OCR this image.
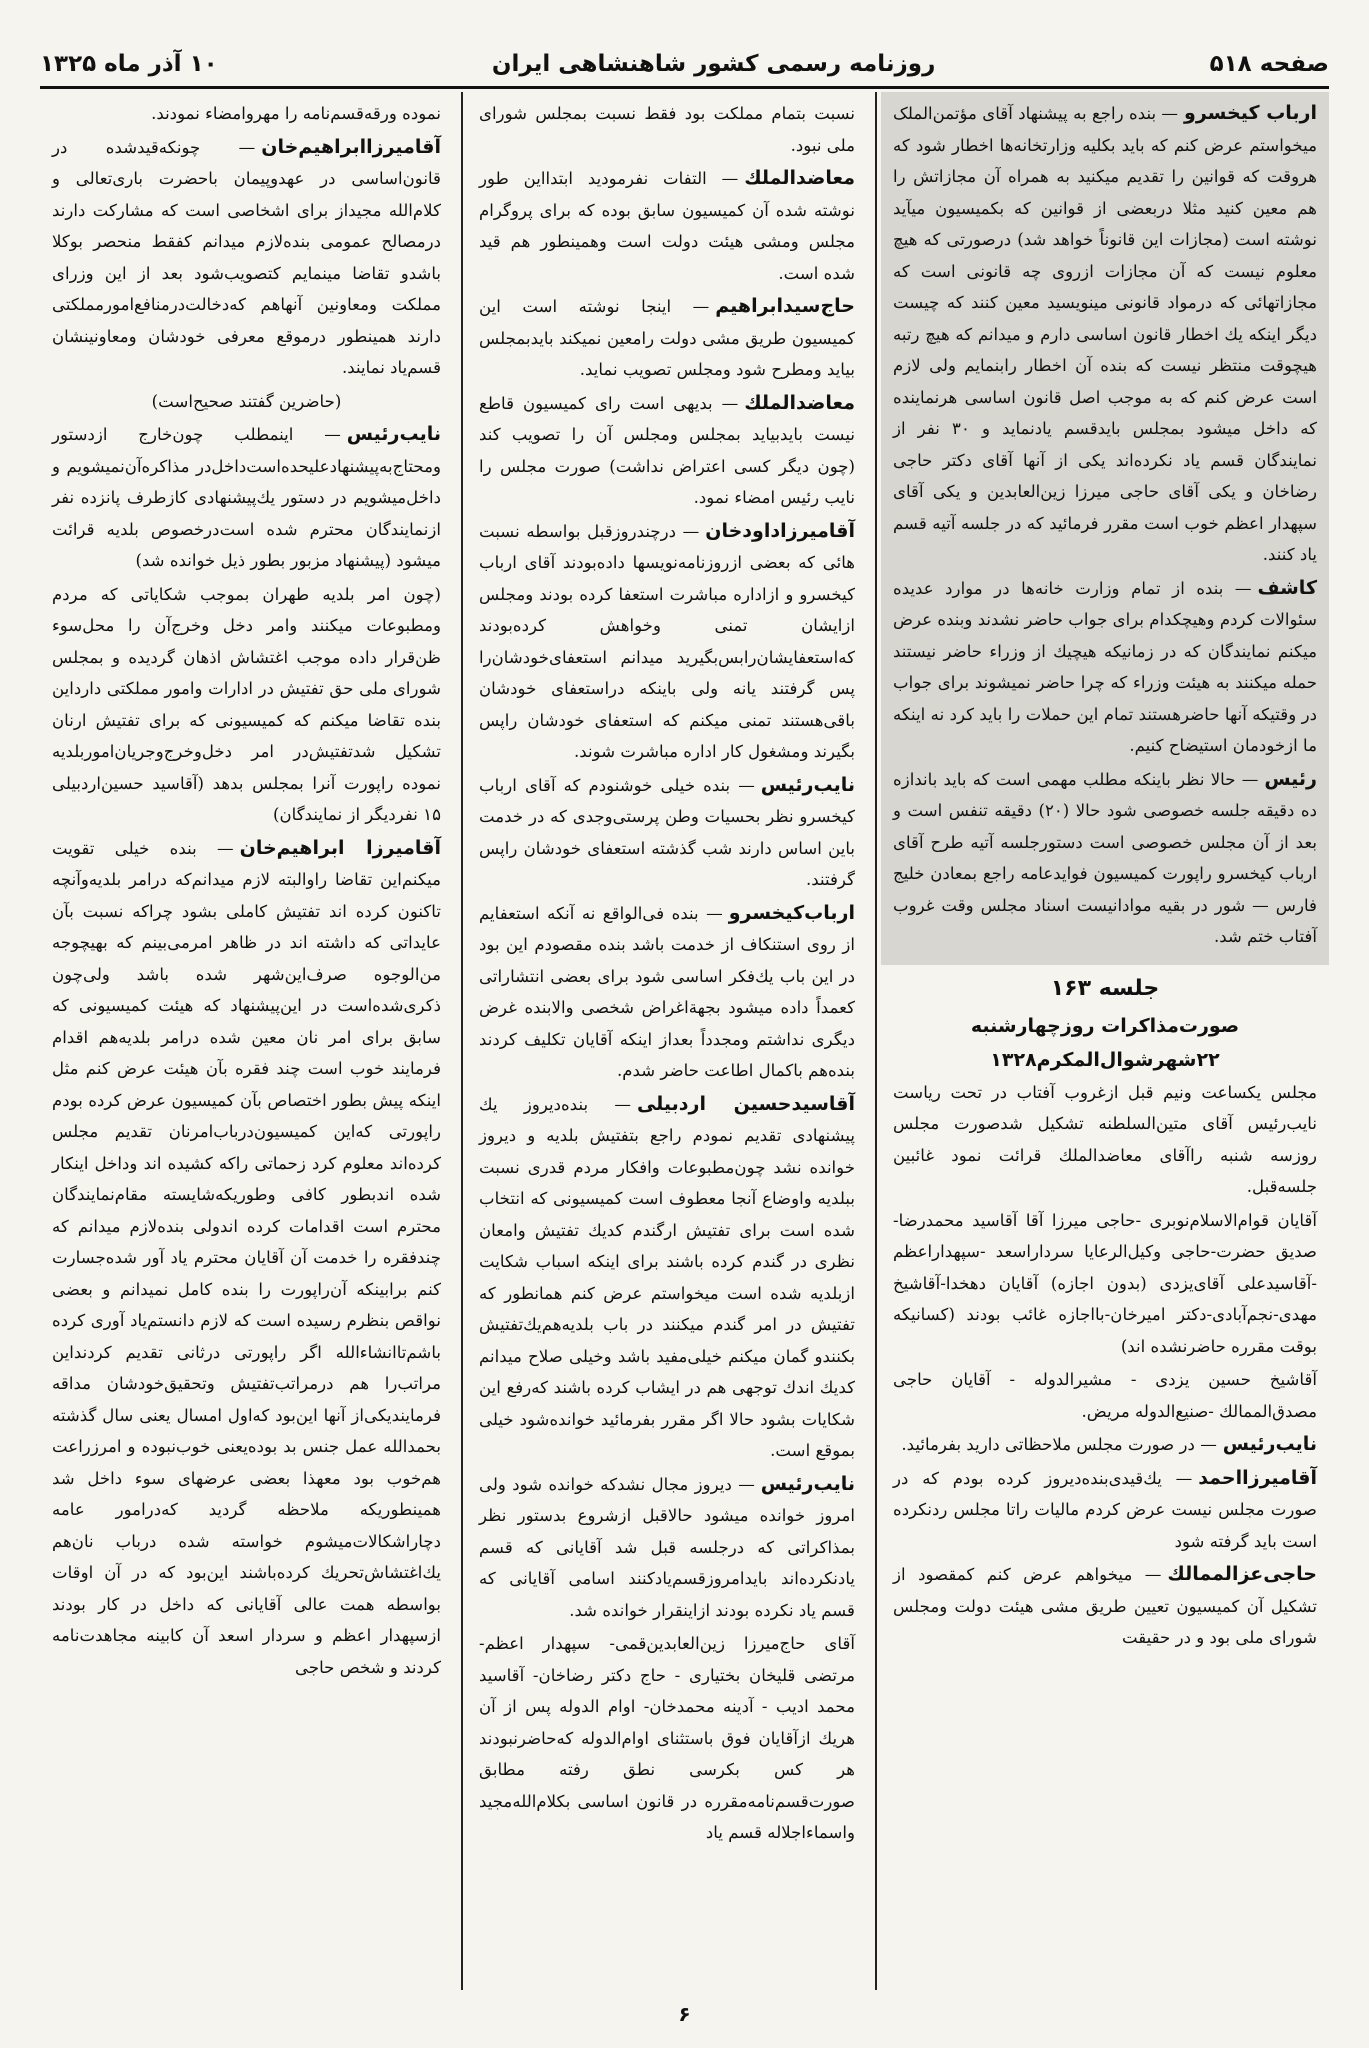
صفحه ۵۱۸
روزنامه رسمی کشور شاهنشاهی ایران
۱۰ آذر ماه ۱۳۲۵

ارباب کیخسرو— بنده راجع به پیشنهاد آقای مؤتمن‌الملک میخواستم عرض کنم که باید بکلیه وزارتخانه‌ها اخطار شود که هروقت که قوانین را تقدیم میکنید به همراه آن مجازاتش را هم معین کنید مثلا دربعضی از قوانین که بکمیسیون میآید نوشته است (مجازات این قانوناً خواهد شد) درصورتی که هیچ معلوم نیست که آن مجازات ازروی چه قانونی است که مجازاتهائی که درمواد قانونی مینویسید معین کنند که چیست دیگر اینکه یك اخطار قانون اساسی دارم و میدانم که هیچ رتبه هیچوقت منتظر نیست که بنده آن اخطار رابنمایم ولی لازم است عرض کنم که به موجب اصل قانون اساسی هرنماینده که داخل میشود بمجلس بایدقسم یادنماید و ۳۰ نفر از نمایندگان قسم یاد نکرده‌اند یکی از آنها آقای دکتر حاجی رضاخان و یکی آقای حاجی میرزا زین‌العابدین و یکی آقای سپهدار اعظم خوب است مقرر فرمائید که در جلسه آتیه قسم یاد کنند.

کاشف— بنده از تمام وزارت خانه‌ها در موارد عدیده سئوالات کردم وهیچکدام برای جواب حاضر نشدند وبنده عرض میکنم نمایندگان که در زمانیکه هیچیك از وزراء حاضر نیستند حمله میکنند به هیئت وزراء که چرا حاضر نمیشوند برای جواب در وقتیکه آنها حاضرهستند تمام این حملات را باید کرد نه اینکه ما ازخودمان استیضاح کنیم.

رئیس— حالا نظر باینکه مطلب مهمی است که باید باندازه ده دقیقه جلسه خصوصی شود حالا (۲۰) دقیقه تنفس است و بعد از آن مجلس خصوصی است دستورجلسه آتیه طرح آقای ارباب کیخسرو راپورت کمیسیون فوایدعامه راجع بمعادن خلیج فارس — شور در بقیه موادانیست اسناد مجلس وقت غروب آفتاب ختم شد.

جلسه ۱۶۳
صورت‌مذاکرات روزچهارشنبه
۲۲شهرشوال‌المکرم۱۳۲۸

مجلس یکساعت ونیم قبل ازغروب آفتاب در تحت ریاست نایب‌رئیس آقای متین‌السلطنه تشکیل شدصورت مجلس روزسه شنبه راآقای معاضدالملك قرائت نمود غائبین جلسه‌قبل.

آقایان قوام‌الاسلام‌نوبری -حاجی میرزا آقا آقاسید محمدرضا-صدیق حضرت-حاجی وکیل‌الرعایا سرداراسعد -سپهداراعظم -آقاسیدعلی آقای‌یزدی (بدون اجازه) آقایان دهخدا-آقاشیخ مهدی-نجم‌آبادی-دکتر امیرخان-بااجازه غائب بودند (کسانیکه بوقت مقرره حاضرنشده اند)

آقاشیخ حسین یزدی - مشیرالدوله - آقایان حاجی مصدق‌الممالك -صنیع‌الدوله مریض.

نایب‌رئیس— در صورت مجلس ملاحظاتی دارید بفرمائید.

آقامیرزااحمد— یك‌قیدی‌بنده‌دیروز کرده بودم که در صورت مجلس نیست عرض کردم مالیات راتا مجلس ردنکرده است باید گرفته شود

حاجی‌عزالممالك— میخواهم عرض کنم کمقصود از تشکیل آن کمیسیون تعیین طریق مشی هیئت دولت ومجلس شورای ملی بود و در حقیقت

نسبت بتمام مملکت بود فقط نسبت بمجلس شورای ملی نبود.

معاضدالملك— التفات نفرمودید ابتدااین طور نوشته شده آن کمیسیون سابق بوده که برای پروگرام مجلس ومشی هیئت دولت است وهمینطور هم قید شده است.

حاج‌سیدابراهیم— اینجا نوشته است این کمیسیون طریق مشی دولت رامعین نمیکند بایدبمجلس بیاید ومطرح شود ومجلس تصویب نماید.

معاضدالملك— بدیهی است رای کمیسیون قاطع نیست بایدبیاید بمجلس ومجلس آن را تصویب کند (چون دیگر کسی اعتراض نداشت) صورت مجلس را نایب رئیس امضاء نمود.

آقامیرزاداودخان— درچندروزقبل بواسطه نسبت هائی که بعضی ازروزنامه‌نویسها داده‌بودند آقای ارباب کیخسرو و ازاداره مباشرت استعفا کرده بودند ومجلس ازایشان تمنی وخواهش کرده‌بودند که‌استعفایشان‌رابس‌بگیرید میدانم استعفای‌خودشان‌را پس گرفتند یانه ولی باینکه دراستعفای خودشان باقی‌هستند تمنی میکنم که استعفای خودشان راپس بگیرند ومشغول کار اداره مباشرت شوند.

نایب‌رئیس— بنده خیلی خوشنودم که آقای ارباب کیخسرو نظر بحسیات وطن پرستی‌وجدی که در خدمت باین اساس دارند شب گذشته استعفای خودشان راپس گرفتند.

ارباب‌کیخسرو— بنده فی‌الواقع نه آنکه استعفایم از روی استنکاف از خدمت باشد بنده مقصودم این بود در این باب یك‌فکر اساسی شود برای بعضی انتشاراتی کعمداً داده میشود بجهة‌اغراض شخصی والابنده غرض دیگری نداشتم ومجدداً بعداز اینکه آقایان تکلیف کردند بنده‌هم باکمال اطاعت حاضر شدم.

آقاسیدحسین اردبیلی— بنده‌دیروز یك پیشنهادی تقدیم نمودم راجع بتفتیش بلدیه و دیروز خوانده نشد چون‌مطبوعات وافکار مردم قدری نسبت ببلدیه واوضاع آنجا معطوف است کمیسیونی که انتخاب شده است برای تفتیش ارگندم کدیك تفتیش وامعان نظری در گندم کرده باشند برای اینکه اسباب شکایت ازبلدیه شده است میخواستم عرض کنم همانطور که تفتیش در امر گندم میکنند در باب بلدیه‌هم‌یك‌تفتیش بکنندو گمان میکنم خیلی‌مفید باشد وخیلی صلاح میدانم کدیك اندك توجهی هم در ایشاب کرده باشند که‌رفع این شکایات بشود حالا اگر مقرر بفرمائید خوانده‌شود خیلی بموقع است.

نایب‌رئیس— دیروز مجال نشدکه خوانده شود ولی امروز خوانده میشود حالاقبل ازشروع بدستور نظر بمذاکراتی که درجلسه قبل شد آقایانی که قسم یادنکرده‌اند بایدامروزقسم‌یادکنند اسامی آقایانی که قسم یاد نکرده بودند ازاینقرار خوانده شد.

آقای حاج‌میرزا زین‌العابدین‌قمی- سپهدار اعظم- مرتضی قلیخان بختیاری - حاج دکتر رضاخان- آقاسید محمد ادیب - آدینه محمدخان- اوام الدوله پس از آن هریك ازآقایان فوق باستثنای اوام‌الدوله که‌حاضرنبودند هر کس بکرسی نطق رفته مطابق صورت‌قسم‌نامه‌مقرره در قانون اساسی بکلام‌الله‌مجید واسماءاجلاله قسم یاد

نموده ورقه‌قسم‌نامه را مهروامضاء نمودند.

آقامیرزاابراهیم‌خان— چونکه‌قیدشده در قانون‌اساسی در عهدوپیمان باحضرت باری‌تعالی و کلام‌الله مجیداز برای اشخاصی است که مشارکت دارند درمصالح عمومی بنده‌لازم میدانم کفقط منحصر بوکلا باشدو تقاضا مینمایم کتصویب‌شود بعد از این وزرای مملکت ومعاونین آنهاهم که‌دخالت‌درمنافع‌امورمملکتی دارند همینطور درموقع معرفی خودشان ومعاونینشان قسم‌یاد نمایند.

(حاضرین گفتند صحیح‌است)

نایب‌رئیس— اینمطلب چون‌خارج ازدستور ومحتاج‌به‌پیشنهادعلیحده‌است‌داخل‌در مذاکره‌آن‌نمیشویم و داخل‌میشویم در دستور یك‌پیشنهادی کازطرف پانزده نفر ازنمایندگان محترم شده است‌درخصوص بلدیه قرائت میشود (پیشنهاد مزبور بطور ذیل خوانده شد)

(چون امر بلدیه طهران بموجب شکایاتی که مردم ومطبوعات میکنند وامر دخل وخرج‌آن را محل‌سوء ظن‌قرار داده موجب اغتشاش اذهان گردیده و بمجلس شورای ملی حق تفتیش در ادارات وامور مملکتی دارداین بنده تقاضا میکنم که کمیسیونی که برای تفتیش ارنان تشکیل شدتفتیش‌در امر دخل‌وخرج‌وجریان‌امور‌بلدیه نموده راپورت آنرا بمجلس بدهد (آقاسید حسین‌اردبیلی ۱۵ نفردیگر از نمایندگان)

آقامیرزا ابراهیم‌خان— بنده خیلی تقویت میکنم‌این تقاضا راوالبته لازم میدانم‌که درامر بلدیه‌وآنچه تاکنون کرده اند تفتیش کاملی بشود چراکه نسبت بآن عایداتی که داشته اند در ظاهر امرمی‌بینم که بهیچوجه من‌الوجوه صرف‌این‌شهر شده باشد ولی‌چون ذکری‌شده‌است در این‌پیشنهاد که هیئت کمیسیونی که سابق برای امر نان معین شده درامر بلدیه‌هم اقدام فرمایند خوب است چند فقره بآن هیئت عرض کنم مثل اینکه پیش بطور اختصاص بآن کمیسیون عرض کرده بودم راپورتی که‌این کمیسیون‌درباب‌امرنان تقدیم مجلس کرده‌اند معلوم کرد زحماتی راکه کشیده اند وداخل اینکار شده اندبطور کافی وطوریکه‌شایسته مقام‌نمایندگان محترم است اقدامات کرده اندولی بنده‌لازم میدانم که چندفقره را خدمت آن آقایان محترم یاد آور شده‌جسارت کنم برابینکه آن‌راپورت را بنده کامل نمیدانم و بعضی نواقص بنظرم رسیده است که لازم دانستم‌یاد آوری کرده باشم‌تاانشاءالله اگر راپورتی درثانی تقدیم کردنداین مراتب‌را هم درمراتب‌تفتیش وتحقیق‌خودشان مداقه فرمایند‌یکی‌از آنها این‌بود که‌اول امسال یعنی سال گذشته بحمدالله عمل جنس بد بوده‌یعنی خوب‌نبوده و امرزراعت هم‌خوب بود معهذا بعضی عرضهای سوء داخل شد همینطوریکه ملاحظه گردید که‌درامور عامه دچاراشکالات‌میشوم خواسته شده درباب نان‌هم یك‌اغتشاش‌تحریك کرده‌باشند این‌بود که در آن اوقات بواسطه همت عالی آقایانی که داخل در کار بودند از‌سپهدار اعظم و سردار اسعد آن کابینه مجاهدت‌نامه کردند و شخص حاجی

۶
